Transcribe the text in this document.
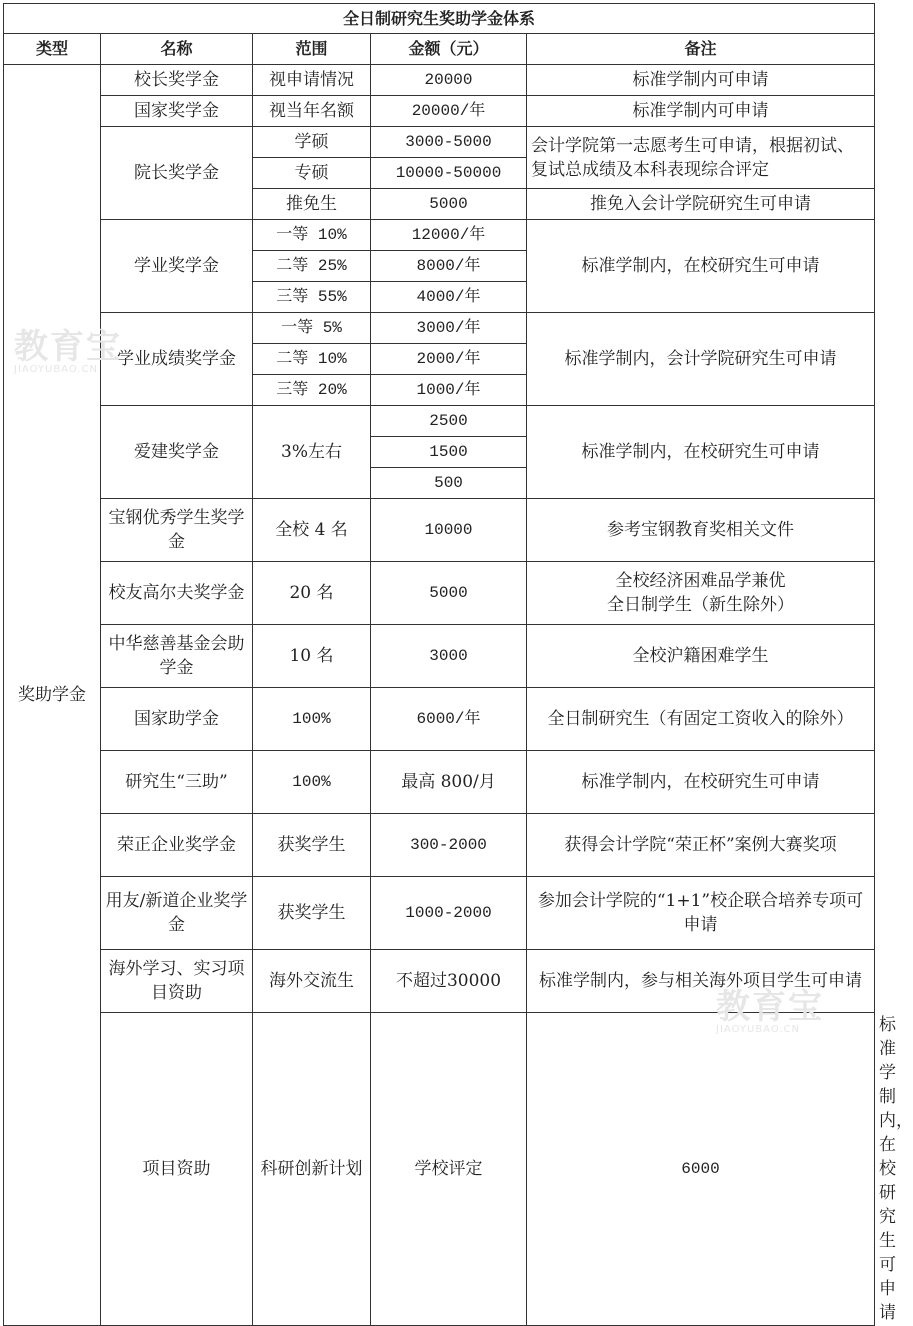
全日制研究生奖助学金体系					
类型	名称	范围	金额（元）	备注	
奖助学金	校长奖学金	视申请情况	20000	标准学制内可申请	
	国家奖学金	视当年名额	20000/年	标准学制内可申请	
	院长奖学金	学硕	3000-5000	会计学院第一志愿考生可申请，根据初试、复试总成绩及本科表现综合评定	
		专硕	10000-50000		
		推免生	5000	推免入会计学院研究生可申请	
	学业奖学金	一等 10%	12000/年	标准学制内，在校研究生可申请	
		二等 25%	8000/年		
		三等 55%	4000/年		
	学业成绩奖学金	一等 5%	3000/年	标准学制内，会计学院研究生可申请	
		二等 10%	2000/年		
		三等 20%	1000/年		
	爱建奖学金	3%左右	2500	标准学制内，在校研究生可申请	
			1500		
			500		
	宝钢优秀学生奖学金	全校 4 名	10000	参考宝钢教育奖相关文件	
	校友高尔夫奖学金	20 名	5000	全校经济困难品学兼优
全日制学生（新生除外）	

	中华慈善基金会助学金	10 名	3000	全校沪籍困难学生	
	国家助学金	100%	6000/年	全日制研究生（有固定工资收入的除外）	
	研究生“三助”	100%	最高 800/月	标准学制内，在校研究生可申请	
	荣正企业奖学金	获奖学生	300-2000	获得会计学院“荣正杯”案例大赛奖项	
	用友/新道企业奖学金	获奖学生	1000-2000	参加会计学院的“1+1”校企联合培养专项可申请	
	海外学习、实习项目资助	海外交流生	不超过30000	标准学制内，参与相关海外项目学生可申请	
	项目资助	科研创新计划	学校评定	6000	标准学制内，在校研究生可申请
教育宝
JIAOYUBAO.CN
教育宝
JIAOYUBAO.CN
